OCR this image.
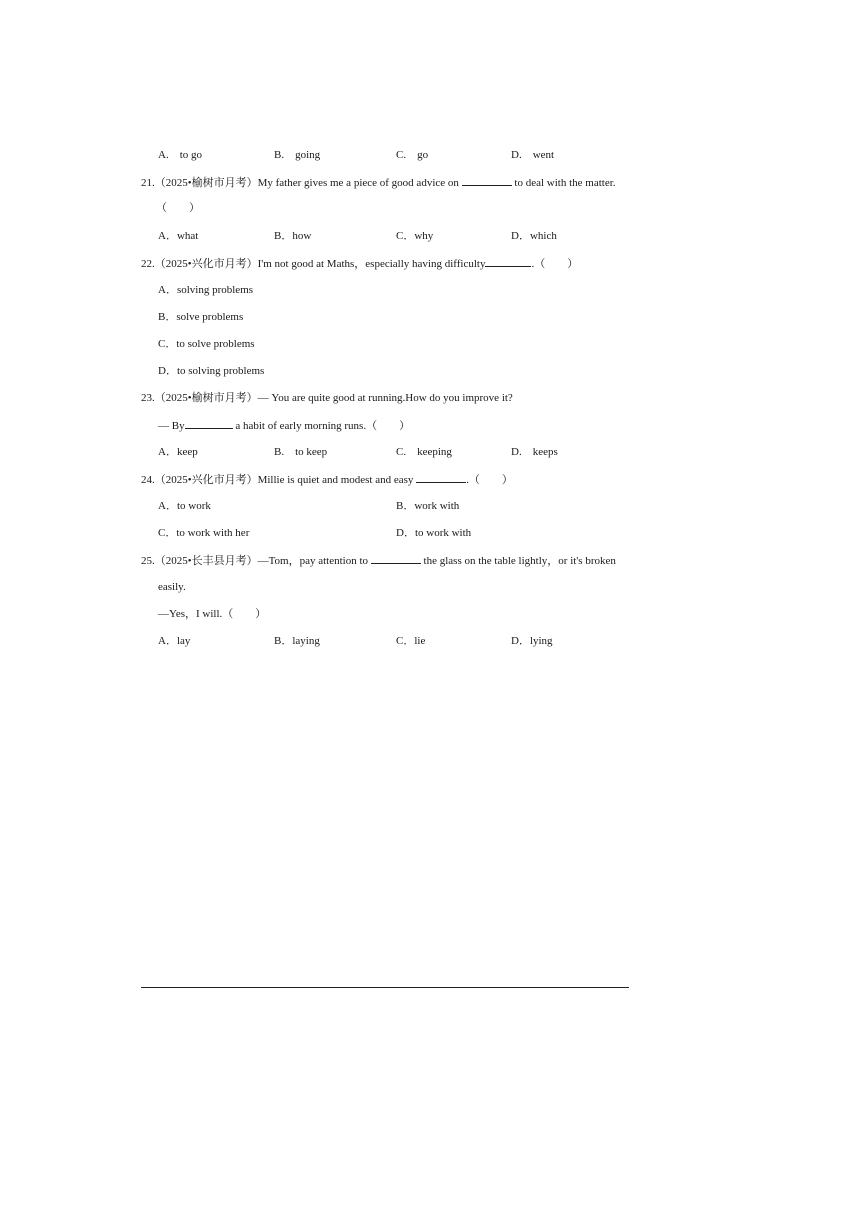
A.　to go	B.　going	C.　go	D.　went
21.（2025•榆树市月考）My father gives me a piece of good advice on	to deal with the matter.
（　　）
A．what	B．how	C．why	D．which
22.（2025•兴化市月考）I'm not good at Maths，especially having difficulty	.（　　）
A．solving problems
B．solve problems
C．to solve problems
D．to solving problems
23.（2025•榆树市月考）— You are quite good at running.How do you improve it?
— By	a habit of early morning runs.（　　）
A．keep	B.　to keep	C.　keeping	D.　keeps
24.（2025•兴化市月考）Millie is quiet and modest and easy	.（　　）
A．to work	B．work with
C．to work with her	D．to work with
25.（2025•长丰县月考）—Tom，pay attention to	the glass on the table lightly，or it's broken
easily.
—Yes，I will.（　　）
A．lay	B．laying	C．lie	D．lying
